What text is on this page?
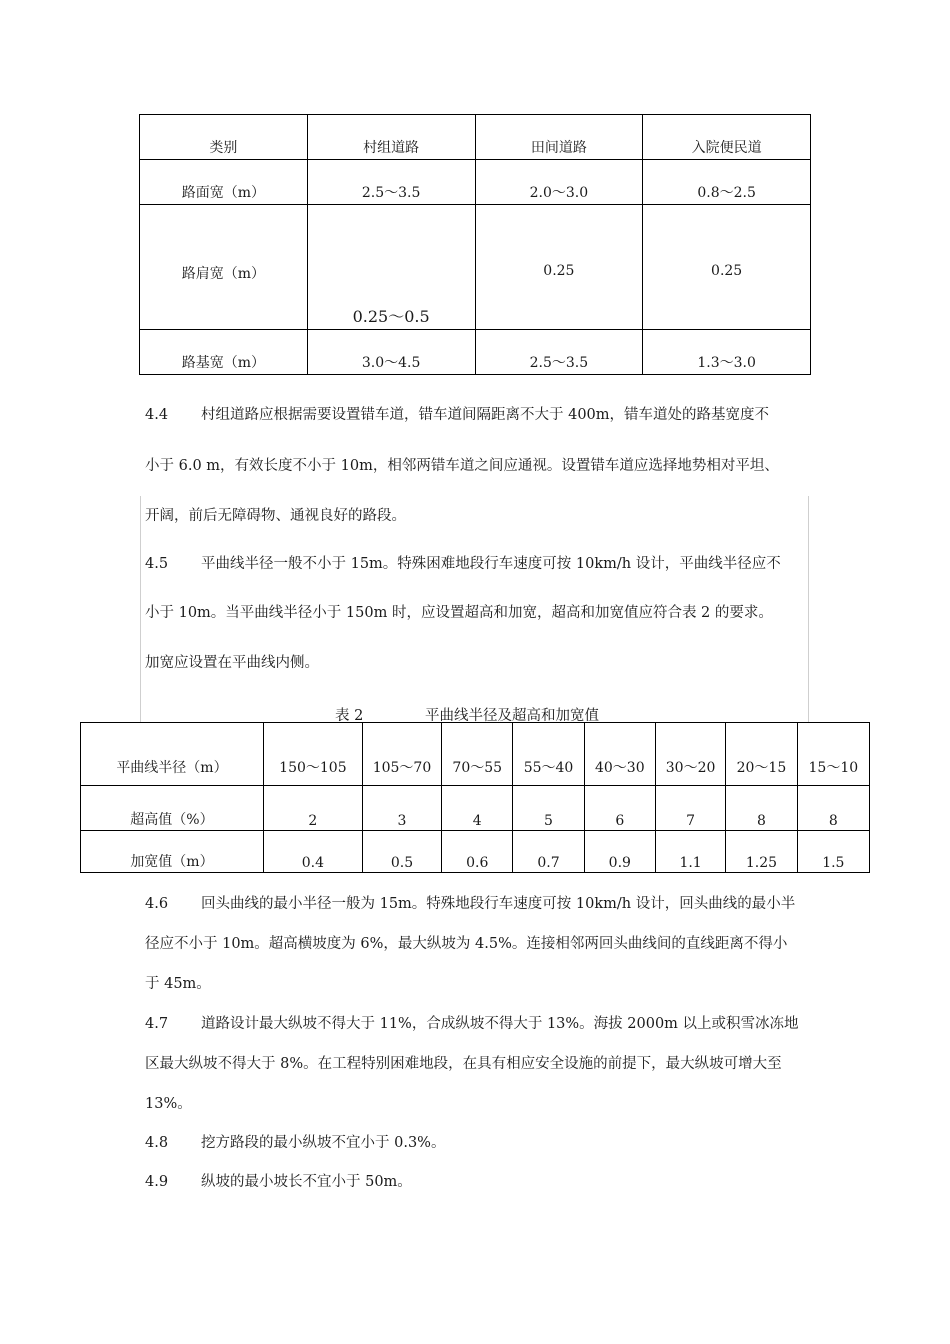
类别	村组道路	田间道路	入院便民道

路面宽（m）	2.5～3.5	2.0～3.0	0.8～2.5

路肩宽（m）	0.25～0.5	0.25	0.25

路基宽（m）	3.0～4.5	2.5～3.5	1.3～3.0
4.4 村组道路应根据需要设置错车道，错车道间隔距离不大于 400m，错车道处的路基宽度不
小于 6.0 m，有效长度不小于 10m，相邻两错车道之间应通视。设置错车道应选择地势相对平坦、
开阔，前后无障碍物、通视良好的路段。
4.5 平曲线半径一般不小于 15m。特殊困难地段行车速度可按 10km/h 设计，平曲线半径应不
小于 10m。当平曲线半径小于 150m 时，应设置超高和加宽，超高和加宽值应符合表 2 的要求。
加宽应设置在平曲线内侧。
表 2	平曲线半径及超高和加宽值
平曲线半径（m）	150～105	105～70	70～55	55～40	40～30	30～20	20～15	15～10
超高值（%）	2	3	4	5	6	7	8	8
加宽值（m）	0.4	0.5	0.6	0.7	0.9	1.1	1.25	1.5
4.6 回头曲线的最小半径一般为 15m。特殊地段行车速度可按 10km/h 设计，回头曲线的最小半
径应不小于 10m。超高横坡度为 6%，最大纵坡为 4.5%。连接相邻两回头曲线间的直线距离不得小
于 45m。
4.7 道路设计最大纵坡不得大于 11%，合成纵坡不得大于 13%。海拔 2000m 以上或积雪冰冻地
区最大纵坡不得大于 8%。在工程特别困难地段，在具有相应安全设施的前提下，最大纵坡可增大至
13%。
4.8 挖方路段的最小纵坡不宜小于 0.3%。
4.9 纵坡的最小坡长不宜小于 50m。
